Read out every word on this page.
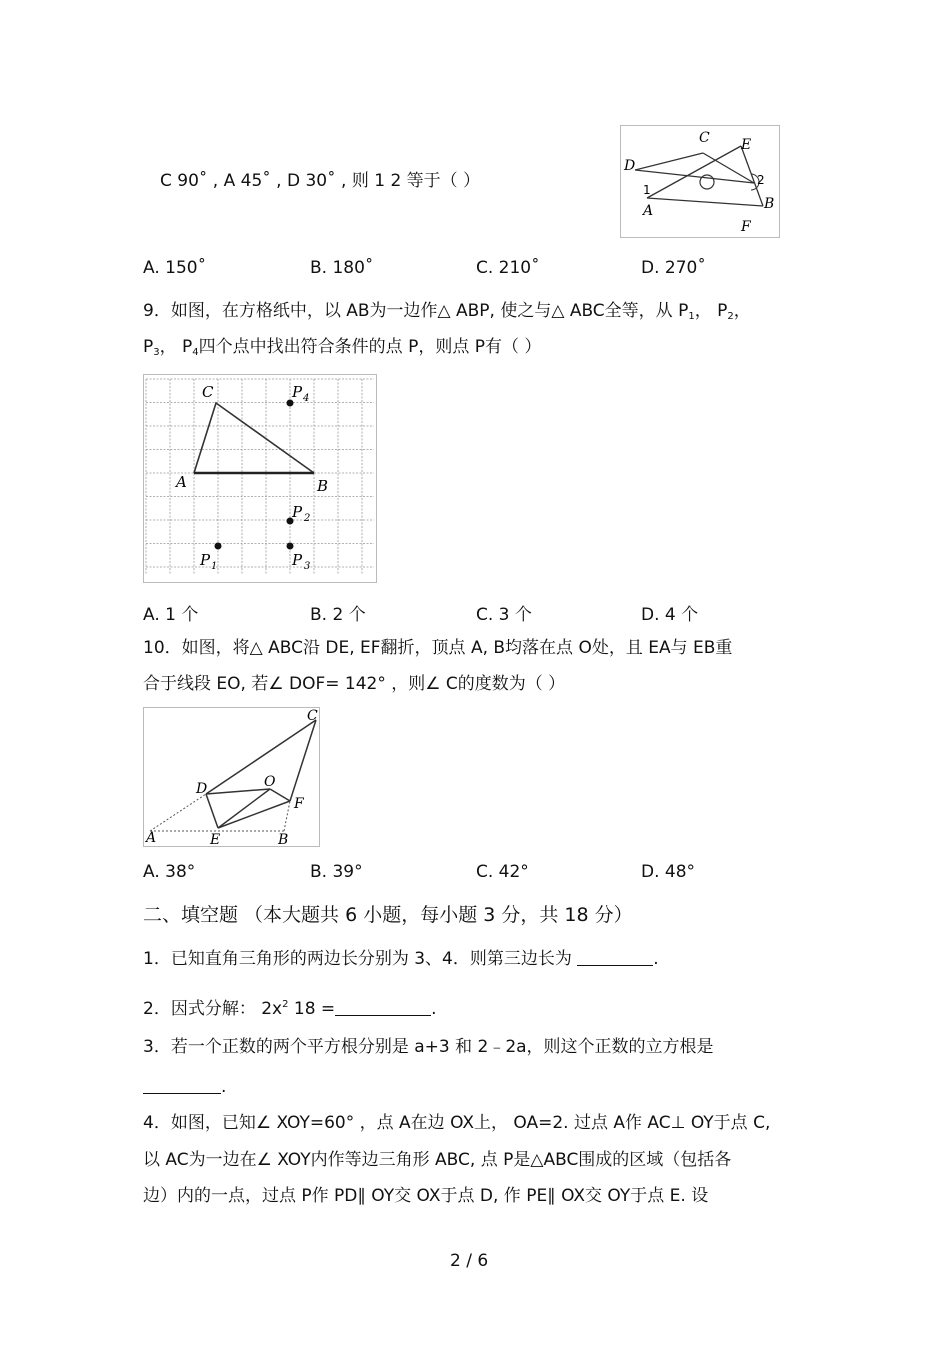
C 90˚ , A 45˚ , D 30˚ , 则 1 2 等于（ ）
C E
D
1
2
A	B
F
A. 150˚	B. 180˚	C. 210˚	D. 270˚
9．如图，在方格纸中，以 AB为一边作△ ABP, 使之与△ ABC全等，从 $P_1$， $P_2$，
$P_3$， $P_4$四个点中找出符合条件的点 P，则点 P有（ ）
C	P 4
A	B
P 2
P 1	P 3
A. 1 个	B. 2 个	C. 3 个	D. 4 个
10．如图，将△ ABC沿 DE, EF翻折，顶点 A, B均落在点 O处，且 EA与 EB重
合于线段 EO, 若∠ DOF= 142° ，则∠ C的度数为（ ）
C
D	O
F
A	E	B
A. 38°	B. 39°	C. 42°	D. 48°
二、填空题 （本大题共 6 小题，每小题 3 分，共 18 分）
1．已知直角三角形的两边长分别为 3、4．则第三边长为	.
2．因式分解： $2x^2$ 18 =	.
3．若一个正数的两个平方根分别是 a+3 和 2﹣2a，则这个正数的立方根是
.
4．如图，已知∠ XOY=60° ，点 A在边 OX上， OA=2. 过点 A作 AC⊥ OY于点 C,
以 AC为一边在∠ XOY内作等边三角形 ABC, 点 P是△ABC围成的区域（包括各
边）内的一点，过点 P作 PD∥ OY交 OX于点 D, 作 PE∥ OX交 OY于点 E. 设
2 / 6
